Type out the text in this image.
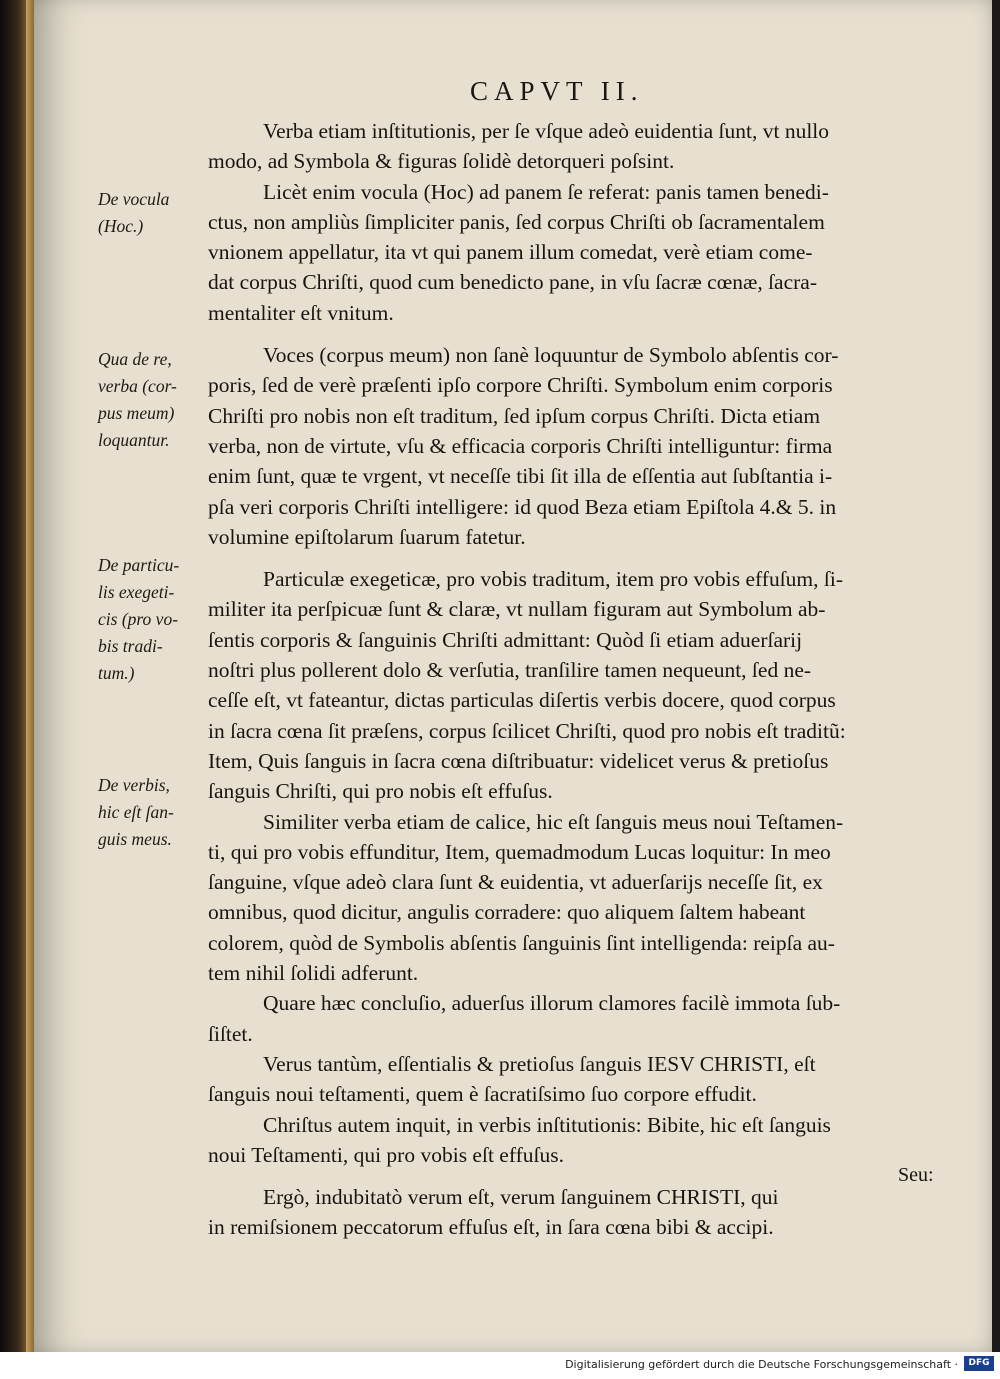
CAPVT II.
Verba etiam inſtitutionis, per ſe vſque adeò euidentia ſunt, vt nullo
modo, ad Symbola & figuras ſolidè detorqueri poſsint.
Licèt enim vocula (Hoc) ad panem ſe referat: panis tamen benedi-
ctus, non ampliùs ſimpliciter panis, ſed corpus Chriſti ob ſacramentalem
vnionem appellatur, ita vt qui panem illum comedat, verè etiam come-
dat corpus Chriſti, quod cum benedicto pane, in vſu ſacræ cœnæ, ſacra-
mentaliter eſt vnitum.
Voces (corpus meum) non ſanè loquuntur de Symbolo abſentis cor-
poris, ſed de verè præſenti ipſo corpore Chriſti. Symbolum enim corporis
Chriſti pro nobis non eſt traditum, ſed ipſum corpus Chriſti. Dicta etiam
verba, non de virtute, vſu & efficacia corporis Chriſti intelliguntur: firma
enim ſunt, quæ te vrgent, vt neceſſe tibi ſit illa de eſſentia aut ſubſtantia i-
pſa veri corporis Chriſti intelligere: id quod Beza etiam Epiſtola 4.& 5. in
volumine epiſtolarum ſuarum fatetur.
Particulæ exegeticæ, pro vobis traditum, item pro vobis effuſum, ſi-
militer ita perſpicuæ ſunt & claræ, vt nullam figuram aut Symbolum ab-
ſentis corporis & ſanguinis Chriſti admittant: Quòd ſi etiam aduerſarij
noſtri plus pollerent dolo & verſutia, tranſilire tamen nequeunt, ſed ne-
ceſſe eſt, vt fateantur, dictas particulas diſertis verbis docere, quod corpus
in ſacra cœna ſit præſens, corpus ſcilicet Chriſti, quod pro nobis eſt traditũ:
Item, Quis ſanguis in ſacra cœna diſtribuatur: videlicet verus & pretioſus
ſanguis Chriſti, qui pro nobis eſt effuſus.
Similiter verba etiam de calice, hic eſt ſanguis meus noui Teſtamen-
ti, qui pro vobis effunditur, Item, quemadmodum Lucas loquitur: In meo
ſanguine, vſque adeò clara ſunt & euidentia, vt aduerſarijs neceſſe ſit, ex
omnibus, quod dicitur, angulis corradere: quo aliquem ſaltem habeant
colorem, quòd de Symbolis abſentis ſanguinis ſint intelligenda: reipſa au-
tem nihil ſolidi adferunt.
Quare hæc concluſio, aduerſus illorum clamores facilè immota ſub-
ſiſtet.
Verus tantùm, eſſentialis & pretioſus ſanguis IESV CHRISTI, eſt
ſanguis noui teſtamenti, quem è ſacratiſsimo ſuo corpore effudit.
Chriſtus autem inquit, in verbis inſtitutionis: Bibite, hic eſt ſanguis
noui Teſtamenti, qui pro vobis eſt effuſus.
Ergò, indubitatò verum eſt, verum ſanguinem CHRISTI, qui
in remiſsionem peccatorum effuſus eſt, in ſara cœna bibi & accipi.
De vocula
(Hoc.)
Qua de re,
verba (cor-
pus meum)
loquantur.
De particu-
lis exegeti-
cis (pro vo-
bis tradi-
tum.)
De verbis,
hic eſt ſan-
guis meus.
Seu:
Digitalisierung gefördert durch die Deutsche Forschungsgemeinschaft ·	DFG
